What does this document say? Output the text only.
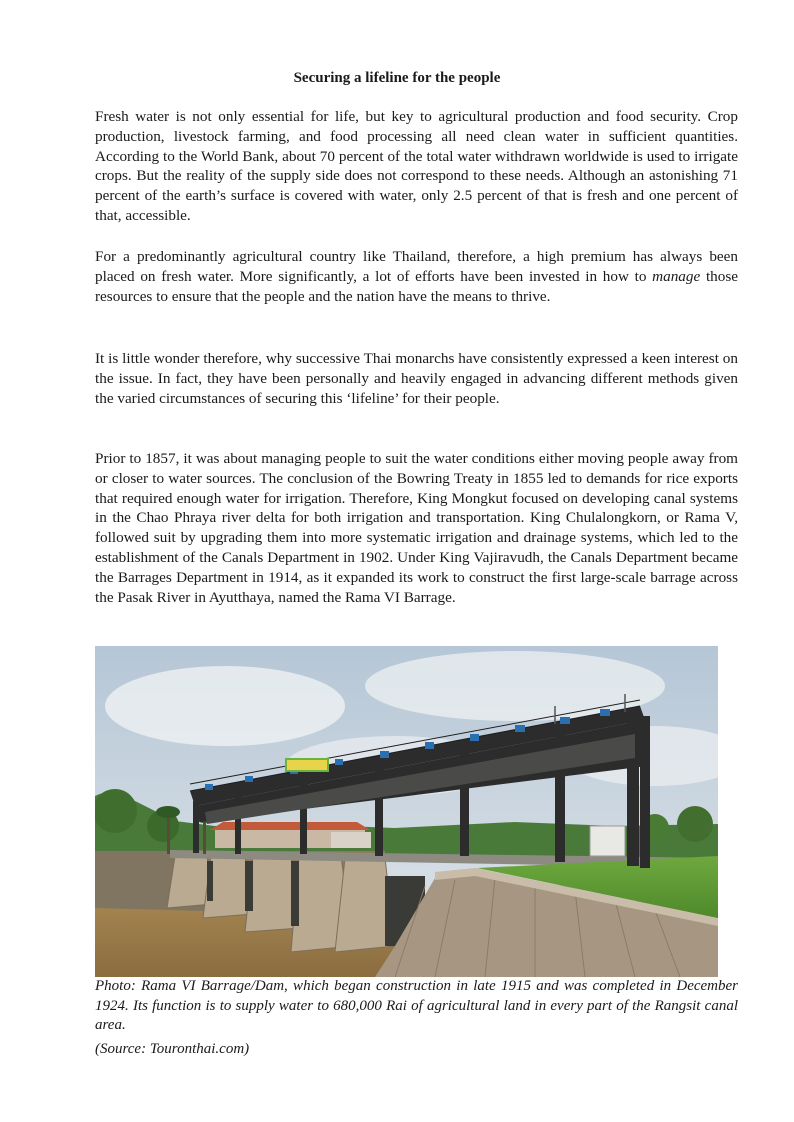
Securing a lifeline for the people

Fresh water is not only essential for life, but key to agricultural production and food security. Crop production, livestock farming, and food processing all need clean water in sufficient quantities. According to the World Bank, about 70 percent of the total water withdrawn worldwide is used to irrigate crops. But the reality of the supply side does not correspond to these needs. Although an astonishing 71 percent of the earth’s surface is covered with water, only 2.5 percent of that is fresh and one percent of that, accessible.

For a predominantly agricultural country like Thailand, therefore, a high premium has always been placed on fresh water. More significantly, a lot of efforts have been invested in how to manage those resources to ensure that the people and the nation have the means to thrive.

It is little wonder therefore, why successive Thai monarchs have consistently expressed a keen interest on the issue. In fact, they have been personally and heavily engaged in advancing different methods given the varied circumstances of securing this ‘lifeline’ for their people.

Prior to 1857, it was about managing people to suit the water conditions either moving people away from or closer to water sources. The conclusion of the Bowring Treaty in 1855 led to demands for rice exports that required enough water for irrigation. Therefore, King Mongkut focused on developing canal systems in the Chao Phraya river delta for both irrigation and transportation. King Chulalongkorn, or Rama V, followed suit by upgrading them into more systematic irrigation and drainage systems, which led to the establishment of the Canals Department in 1902. Under King Vajiravudh, the Canals Department became the Barrages Department in 1914, as it expanded its work to construct the first large-scale barrage across the Pasak River in Ayutthaya, named the Rama VI Barrage.

Photo: Rama VI Barrage/Dam, which began construction in late 1915 and was completed in December 1924. Its function is to supply water to 680,000 Rai of agricultural land in every part of the Rangsit canal area.

(Source: Touronthai.com)
